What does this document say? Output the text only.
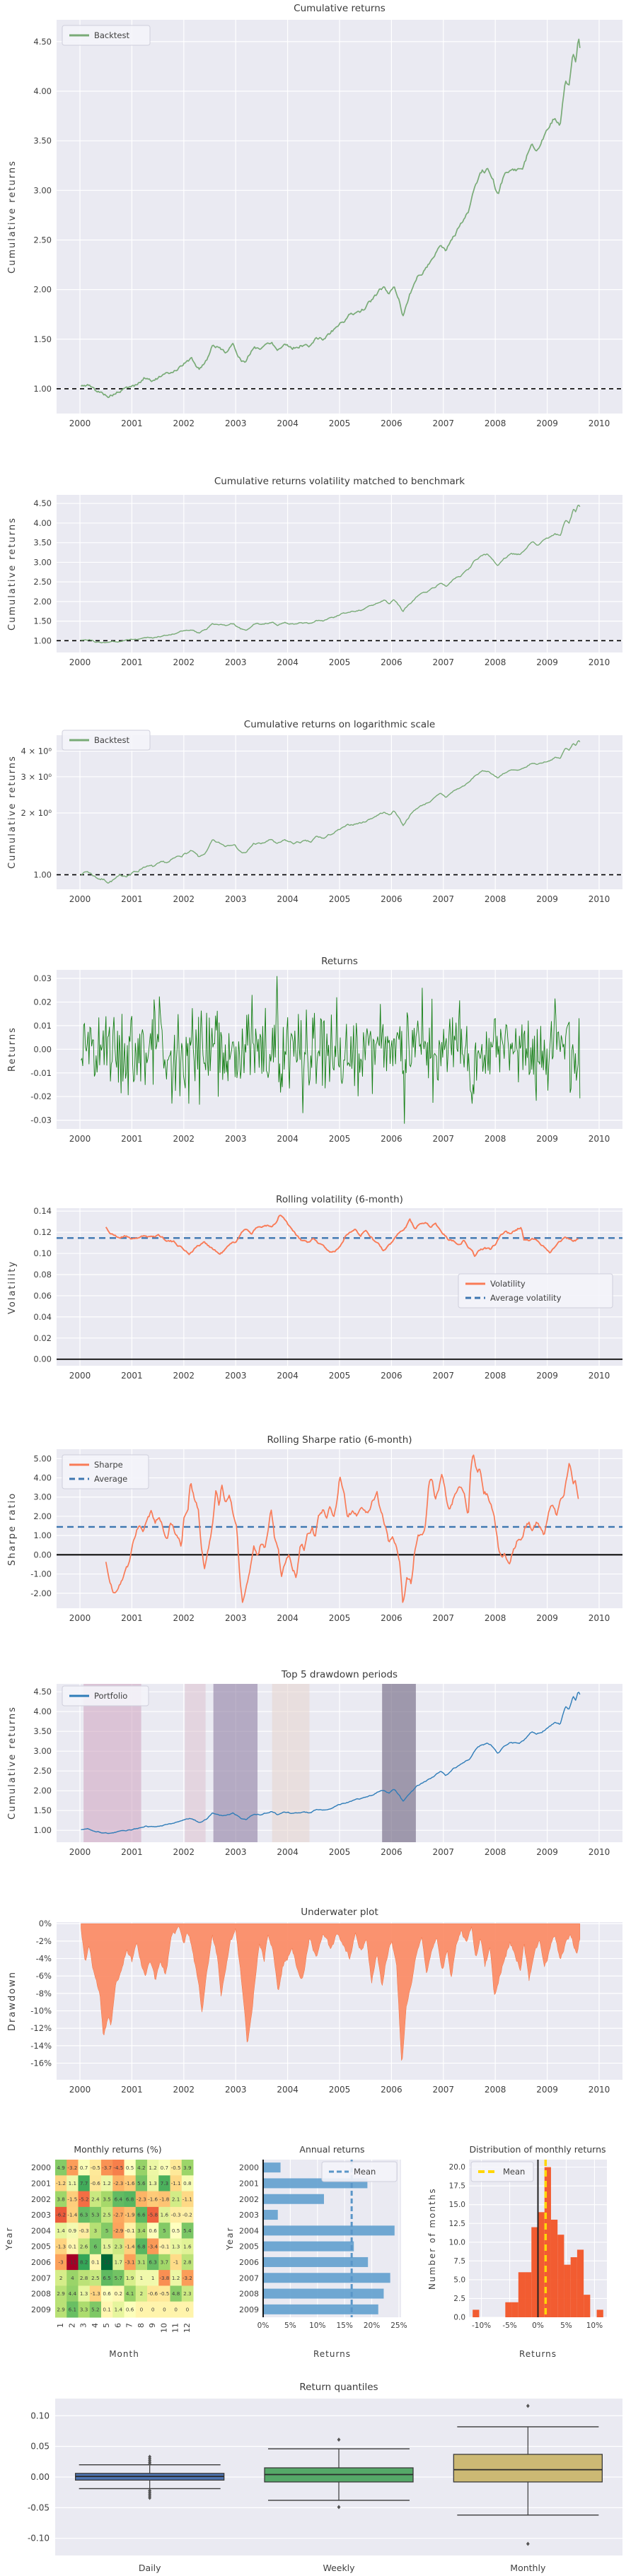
Cumulative returns
Cumulative returns
1.00
1.50
2.00
2.50
3.00
3.50
4.00
4.50
2000	2001	2002	2003	2004	2005	2006	2007	2008	2009	2010
Backtest
Cumulative returns volatility matched to benchmark
Cumulative returns
1.00
1.50
2.00
2.50
3.00
3.50
4.00
4.50
2000	2001	2002	2003	2004	2005	2006	2007	2008	2009	2010
Cumulative returns on logarithmic scale
Cumulative returns
1.00
2 × 10⁰
3 × 10⁰
4 × 10⁰
2000	2001	2002	2003	2004	2005	2006	2007	2008	2009	2010
Backtest
Returns
Returns
0.03
0.02
0.01
0.00
-0.01
-0.02
-0.03
2000	2001	2002	2003	2004	2005	2006	2007	2008	2009	2010
Rolling volatility (6-month)
Volatility
0.14
0.12
0.10
0.08
0.06
0.04
0.02
0.00
2000	2001	2002	2003	2004	2005	2006	2007	2008	2009	2010
Volatility
Average volatility
Rolling Sharpe ratio (6-month)
Sharpe ratio
5.00
4.00
3.00
2.00
1.00
0.00
-1.00
-2.00
2000	2001	2002	2003	2004	2005	2006	2007	2008	2009	2010
Sharpe
Average
Top 5 drawdown periods
Cumulative returns
1.00
1.50
2.00
2.50
3.00
3.50
4.00
4.50
2000	2001	2002	2003	2004	2005	2006	2007	2008	2009	2010
Portfolio
Underwater plot
Drawdown
0%
-2%
-4%
-6%
-8%
-10%
-12%
-14%
-16%
2000	2001	2002	2003	2004	2005	2006	2007	2008	2009	2010
Monthly returns (%)
Year
Month
Annual returns
Year
Returns
Distribution of monthly returns
Number of months
Returns
4.9 -3.2 0.7 -0.5 -3.7 -4.5 0.5 4.2 1.2 0.7 -0.5 3.9
-1.2 1.1 7.7 -0.6 1.2 -2.3 -1.6 5.6 1.3 7.3 -1.1 0.8
3.8 -1.5 -5.2 2.4 3.5 6.4 6.8 -2.3 -1.6 -1.8 2.1 -1.1
-6.2 -1.4 6.3 5.3 2.5 -2.7 -1.9 6.6 -5.8 1.6 -0.3 -0.2
1.4 0.9 -0.3 3 5 -2.9 -0.1 3.4 0.6 5 0.5 5.4
-1.3 0.1 2.6 6 1.5 2.3 -1.4 6.8 -3.4 -0.1 1.3 1.6
-3 -11 8.2 0.1 12 1.7 -3.1 3.1 6.3 3.7 -1 2.8
2 4 2.8 2.5 6.5 5.7 1.9 1 1 -3.8 1.2 -3.2
2.9 4.4 1.3 -1.3 0.6 0.2 4.1 2 -0.6 -0.5 4.8 2.3
2.9 6.1 3.3 5.2 0.1 1.4 0.6 0 0 0 0 0
2000
2001
2002
2003
2004
2005
2006
2007
2008
2009
1 2 3 4 5 6 7 8 9 10 11 12
2000
2001
2002
2003
2004
2005
2006
2007
2008
2009
0% 5% 10% 15% 20% 25%
Mean
0.0
2.5
5.0
7.5
10.0
12.5
15.0
17.5
20.0
-10% -5% 0% 5% 10%
Mean
Return quantiles
Daily	Weekly	Monthly
0.10
0.05
0.00
-0.05
-0.10
